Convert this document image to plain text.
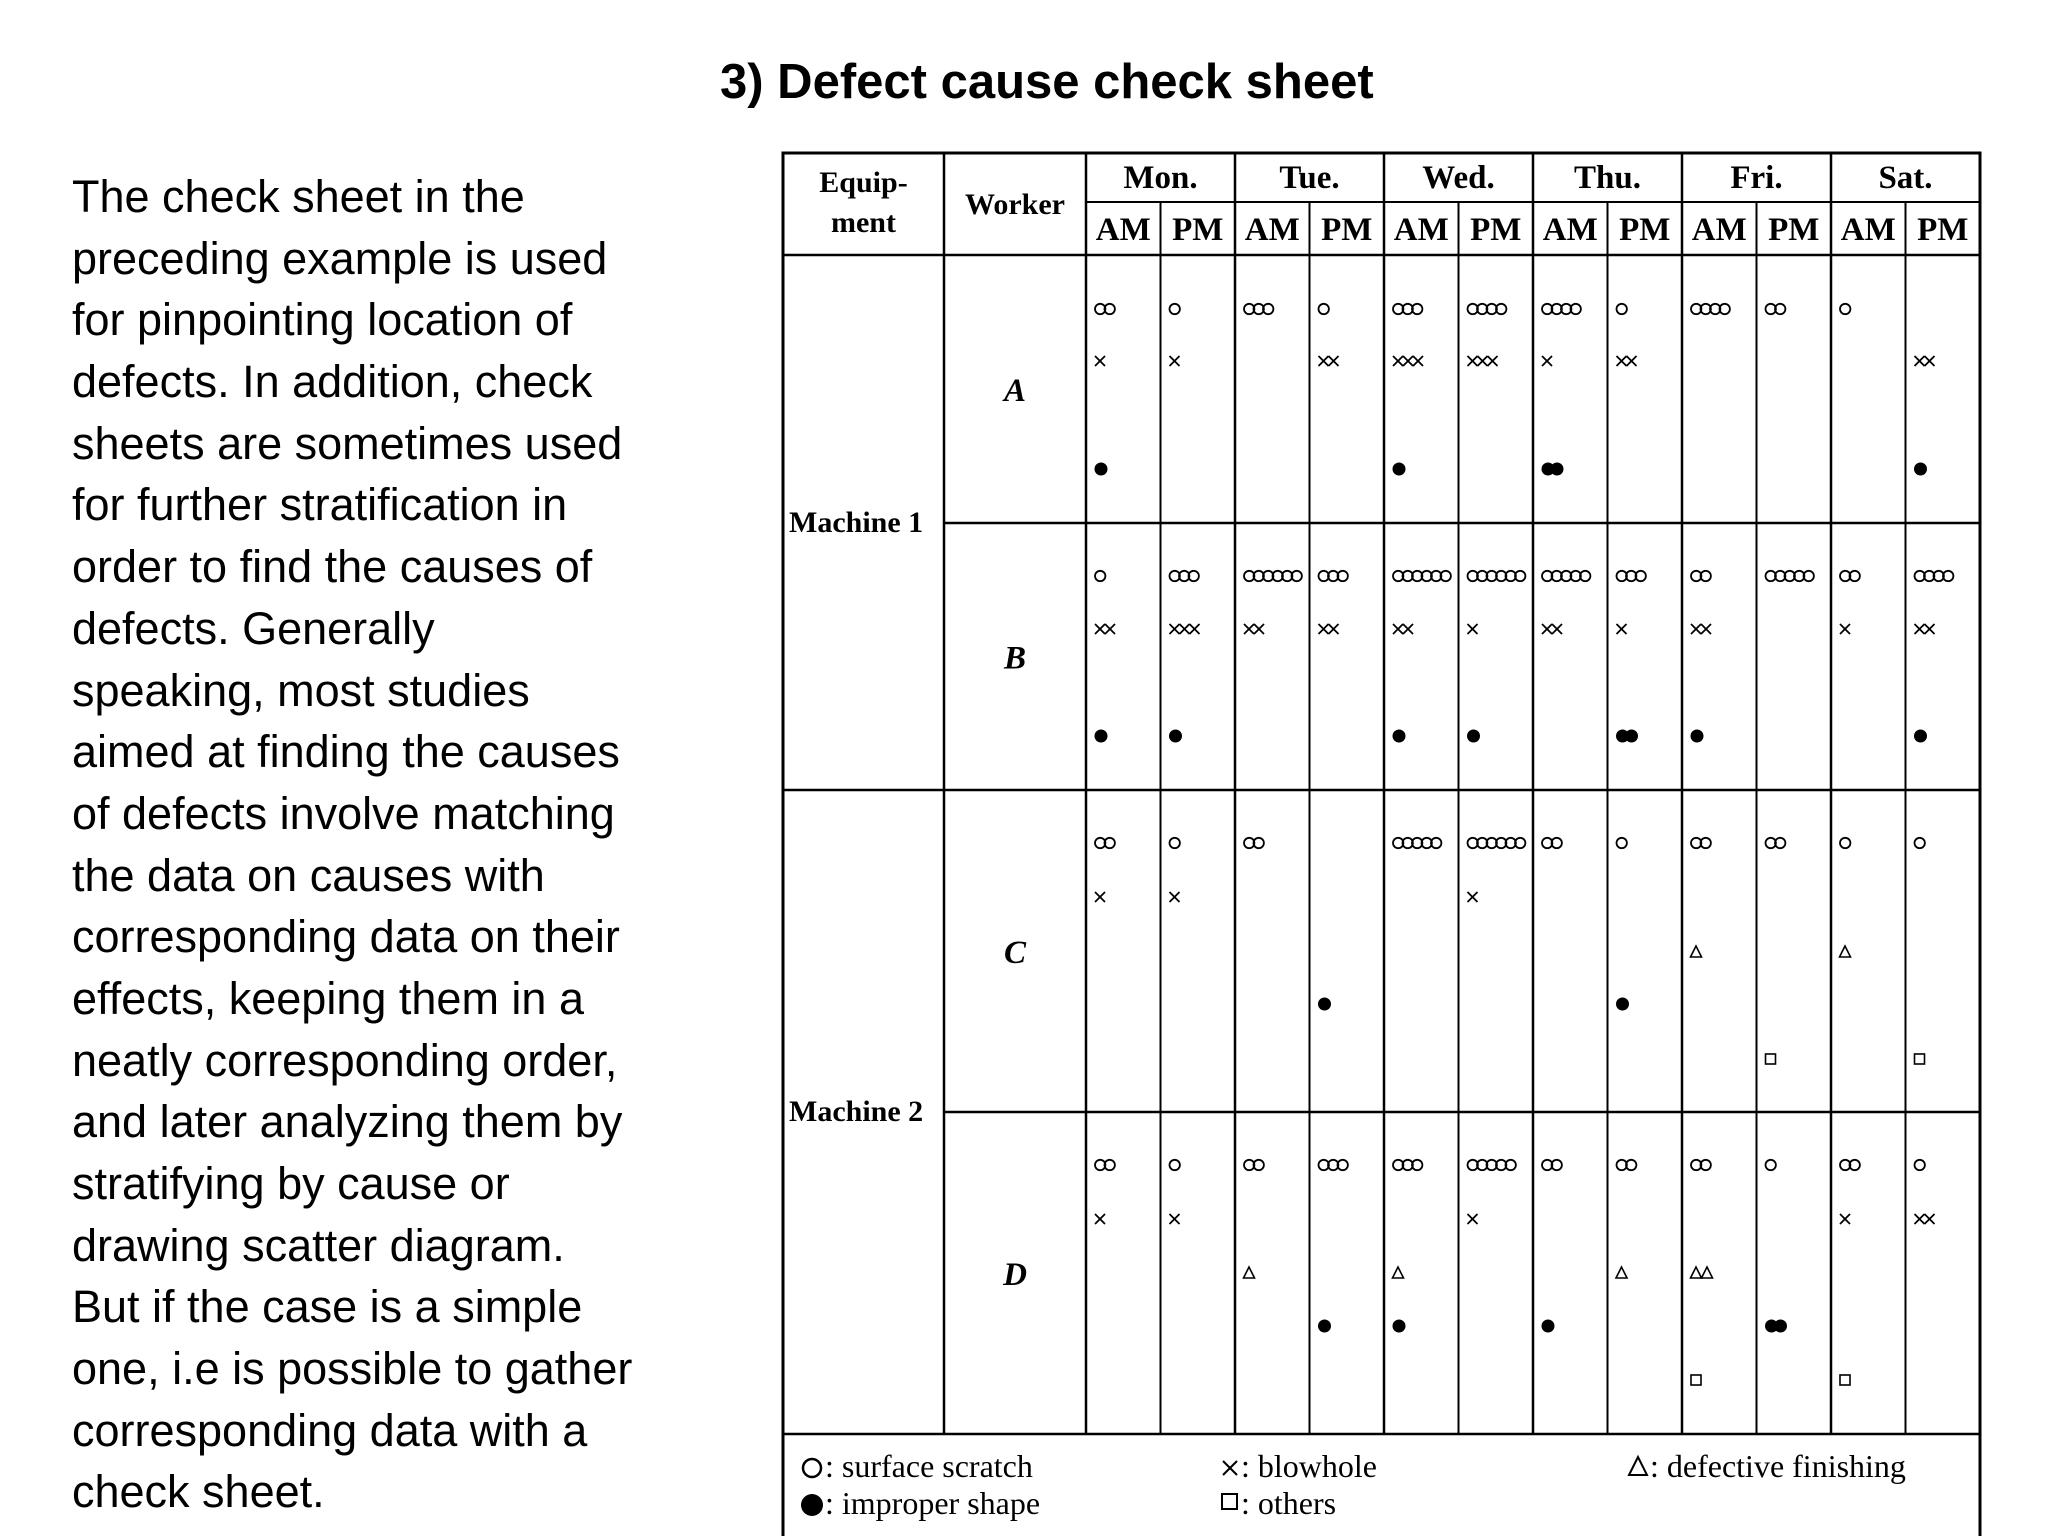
3) Defect cause check sheet
The check sheet in the
preceding example is used
for pinpointing location of
defects. In addition, check
sheets are sometimes used
for further stratification in
order to find the causes of
defects. Generally
speaking, most studies
aimed at finding the causes
of defects involve matching
the data on causes with
corresponding data on their
effects, keeping them in a
neatly corresponding order,
and later analyzing them by
stratifying by cause or
drawing scatter diagram.
But if the case is a simple
one, i.e is possible to gather
corresponding data with a
check sheet.
Equip-
ment
Worker
Mon.
AM PM
Tue.
AM PM
Wed.
AM PM
Thu.
AM PM
Fri.
AM PM
Sat.
AM PM
Machine 1
Machine 2
A
B
C
D
: surface scratch
: improper shape
: blowhole
: others
: defective finishing
